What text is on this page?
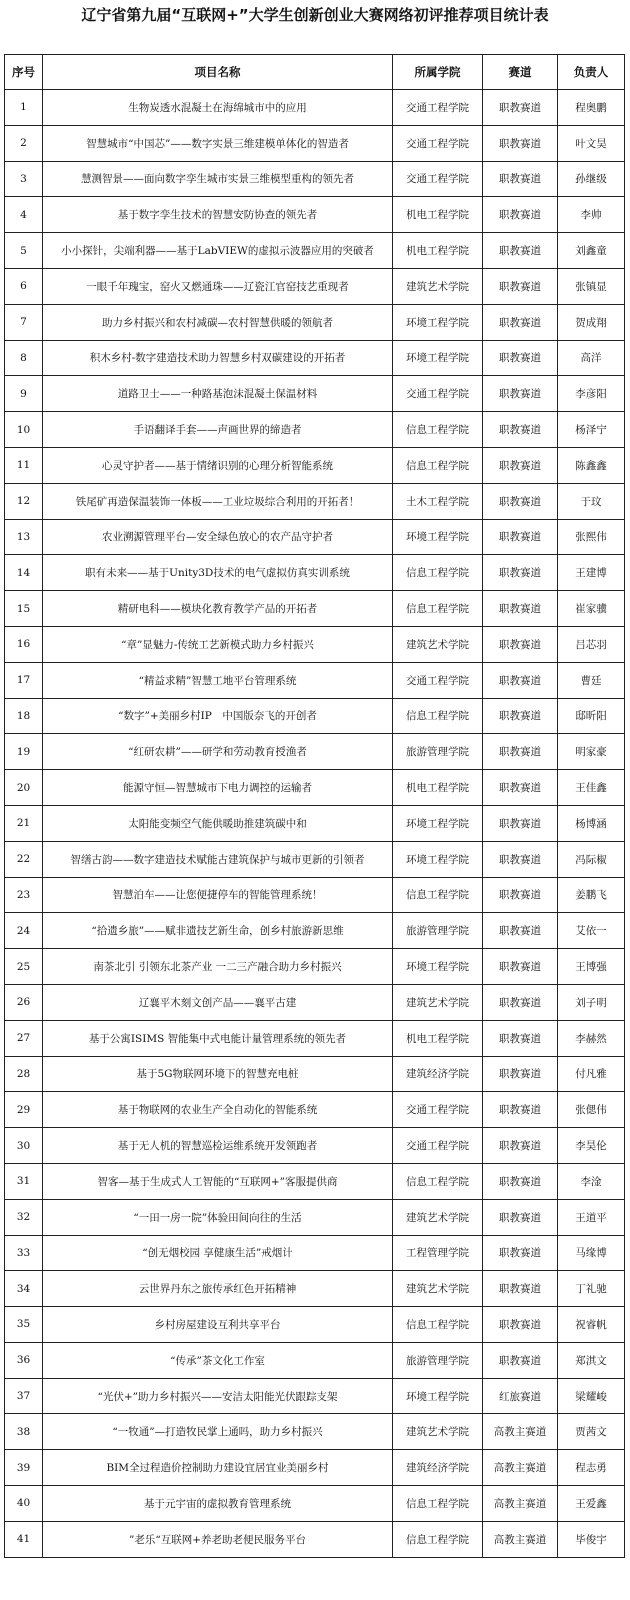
辽宁省第九届“互联网+”大学生创新创业大赛网络初评推荐项目统计表
序号	项目名称	所属学院	赛道	负责人
1	生物炭透水混凝土在海绵城市中的应用	交通工程学院	职教赛道	程奥鹏
2	智慧城市“中国芯”——数字实景三维建模单体化的智造者	交通工程学院	职教赛道	叶文昊
3	慧测智景——面向数字孪生城市实景三维模型重构的领先者	交通工程学院	职教赛道	孙继级
4	基于数字孪生技术的智慧安防协查的领先者	机电工程学院	职教赛道	李帅
5	小小探针，尖端利器——基于LabVIEW的虚拟示波器应用的突破者	机电工程学院	职教赛道	刘鑫童
6	一眼千年瑰宝，窑火又燃通珠——辽瓷江官窑技艺重现者	建筑艺术学院	职教赛道	张镇显
7	助力乡村振兴和农村减碳—农村智慧供暖的领航者	环境工程学院	职教赛道	贺成翔
8	积木乡村-数字建造技术助力智慧乡村双碳建设的开拓者	环境工程学院	职教赛道	高洋
9	道路卫士——一种路基泡沫混凝土保温材料	交通工程学院	职教赛道	李彦阳
10	手语翻译手套——声画世界的缔造者	信息工程学院	职教赛道	杨泽宁
11	心灵守护者——基于情绪识别的心理分析智能系统	信息工程学院	职教赛道	陈鑫鑫
12	铁尾矿再造保温装饰一体板——工业垃圾综合利用的开拓者！	土木工程学院	职教赛道	于玟
13	农业溯源管理平台—安全绿色放心的农产品守护者	环境工程学院	职教赛道	张熙伟
14	职有未来——基于Unity3D技术的电气虚拟仿真实训系统	信息工程学院	职教赛道	王建博
15	精研电科——模块化教育教学产品的开拓者	信息工程学院	职教赛道	崔家骥
16	“章”显魅力-传统工艺新模式助力乡村振兴	建筑艺术学院	职教赛道	吕芯羽
17	“精益求精”智慧工地平台管理系统	交通工程学院	职教赛道	曹廷
18	“数字”+美丽乡村IP　中国版奈飞的开创者	信息工程学院	职教赛道	邸昕阳
19	“红研农耕”——研学和劳动教育授渔者	旅游管理学院	职教赛道	明家豪
20	能源守恒—智慧城市下电力调控的运输者	机电工程学院	职教赛道	王佳鑫
21	太阳能变频空气能供暖助推建筑碳中和	环境工程学院	职教赛道	杨博涵
22	智缮古韵——数字建造技术赋能古建筑保护与城市更新的引领者	环境工程学院	职教赛道	冯际椒
23	智慧泊车——让您便捷停车的智能管理系统！	信息工程学院	职教赛道	姜鹏飞
24	“拾遗乡旅”——赋非遗技艺新生命，创乡村旅游新思维	旅游管理学院	职教赛道	艾依一
25	南茶北引 引领东北茶产业 一二三产融合助力乡村振兴	环境工程学院	职教赛道	王博强
26	辽襄平木刻文创产品——襄平古建	建筑艺术学院	职教赛道	刘子明
27	基于公寓ISIMS 智能集中式电能计量管理系统的领先者	机电工程学院	职教赛道	李赫然
28	基于5G物联网环境下的智慧充电桩	建筑经济学院	职教赛道	付凡雅
29	基于物联网的农业生产全自动化的智能系统	交通工程学院	职教赛道	张偲伟
30	基于无人机的智慧巡检运维系统开发领跑者	交通工程学院	职教赛道	李昊伦
31	智客—基于生成式人工智能的“互联网+”客服提供商	信息工程学院	职教赛道	李淦
32	“一田一房一院”体验田间向往的生活	建筑艺术学院	职教赛道	王道平
33	“创无烟校园 享健康生活”戒烟计	工程管理学院	职教赛道	马缘博
34	云世界丹东之旅传承红色开拓精神	建筑艺术学院	职教赛道	丁礼驰
35	乡村房屋建设互利共享平台	信息工程学院	职教赛道	祝睿帆
36	“传承”茶文化工作室	旅游管理学院	职教赛道	郑淇文
37	“光伏+”助力乡村振兴——安洁太阳能光伏跟踪支架	环境工程学院	红旅赛道	梁耀峻
38	“一牧通”—打造牧民掌上通吗，助力乡村振兴	建筑艺术学院	高教主赛道	贾茜文
39	BIM全过程造价控制助力建设宜居宜业美丽乡村	建筑经济学院	高教主赛道	程志勇
40	基于元宇宙的虚拟教育管理系统	信息工程学院	高教主赛道	王爱鑫
41	”老乐“互联网+养老助老便民服务平台	信息工程学院	高教主赛道	毕俊宇
